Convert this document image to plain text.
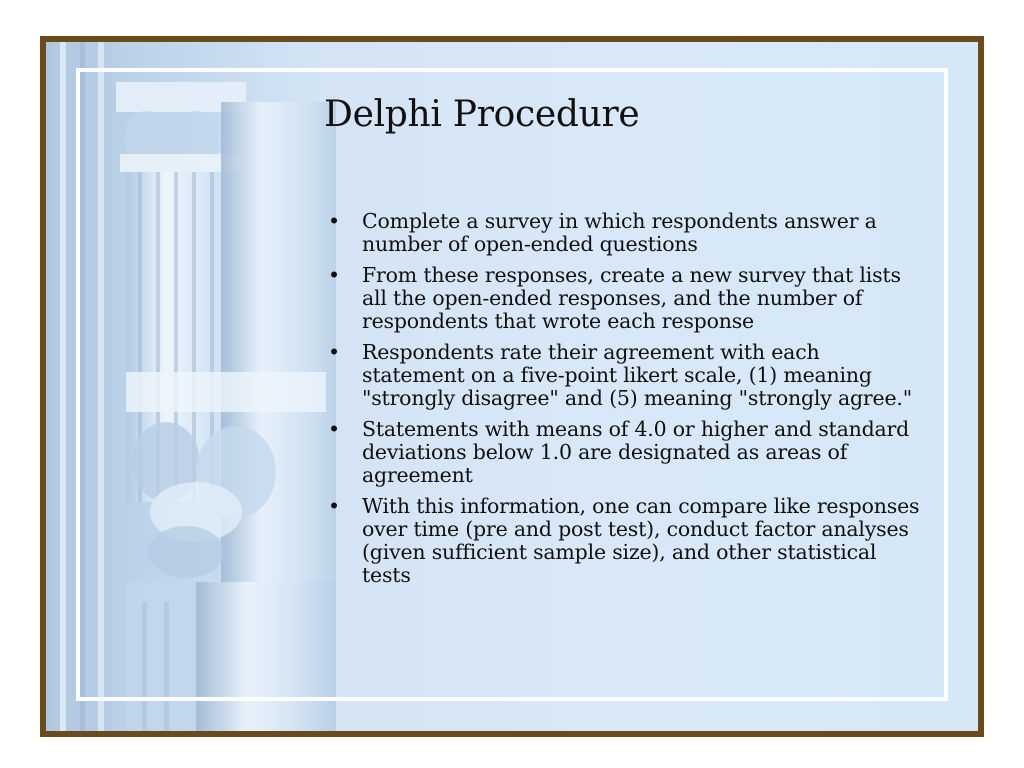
Delphi Procedure
• Complete a survey in which respondents answer a number of open-ended questions
• From these responses, create a new survey that lists all the open-ended responses, and the number of respondents that wrote each response
• Respondents rate their agreement with each statement on a five-point likert scale, (1) meaning "strongly disagree" and (5) meaning "strongly agree."
• Statements with means of 4.0 or higher and standard deviations below 1.0 are designated as areas of agreement
• With this information, one can compare like responses over time (pre and post test), conduct factor analyses (given sufficient sample size), and other statistical tests
